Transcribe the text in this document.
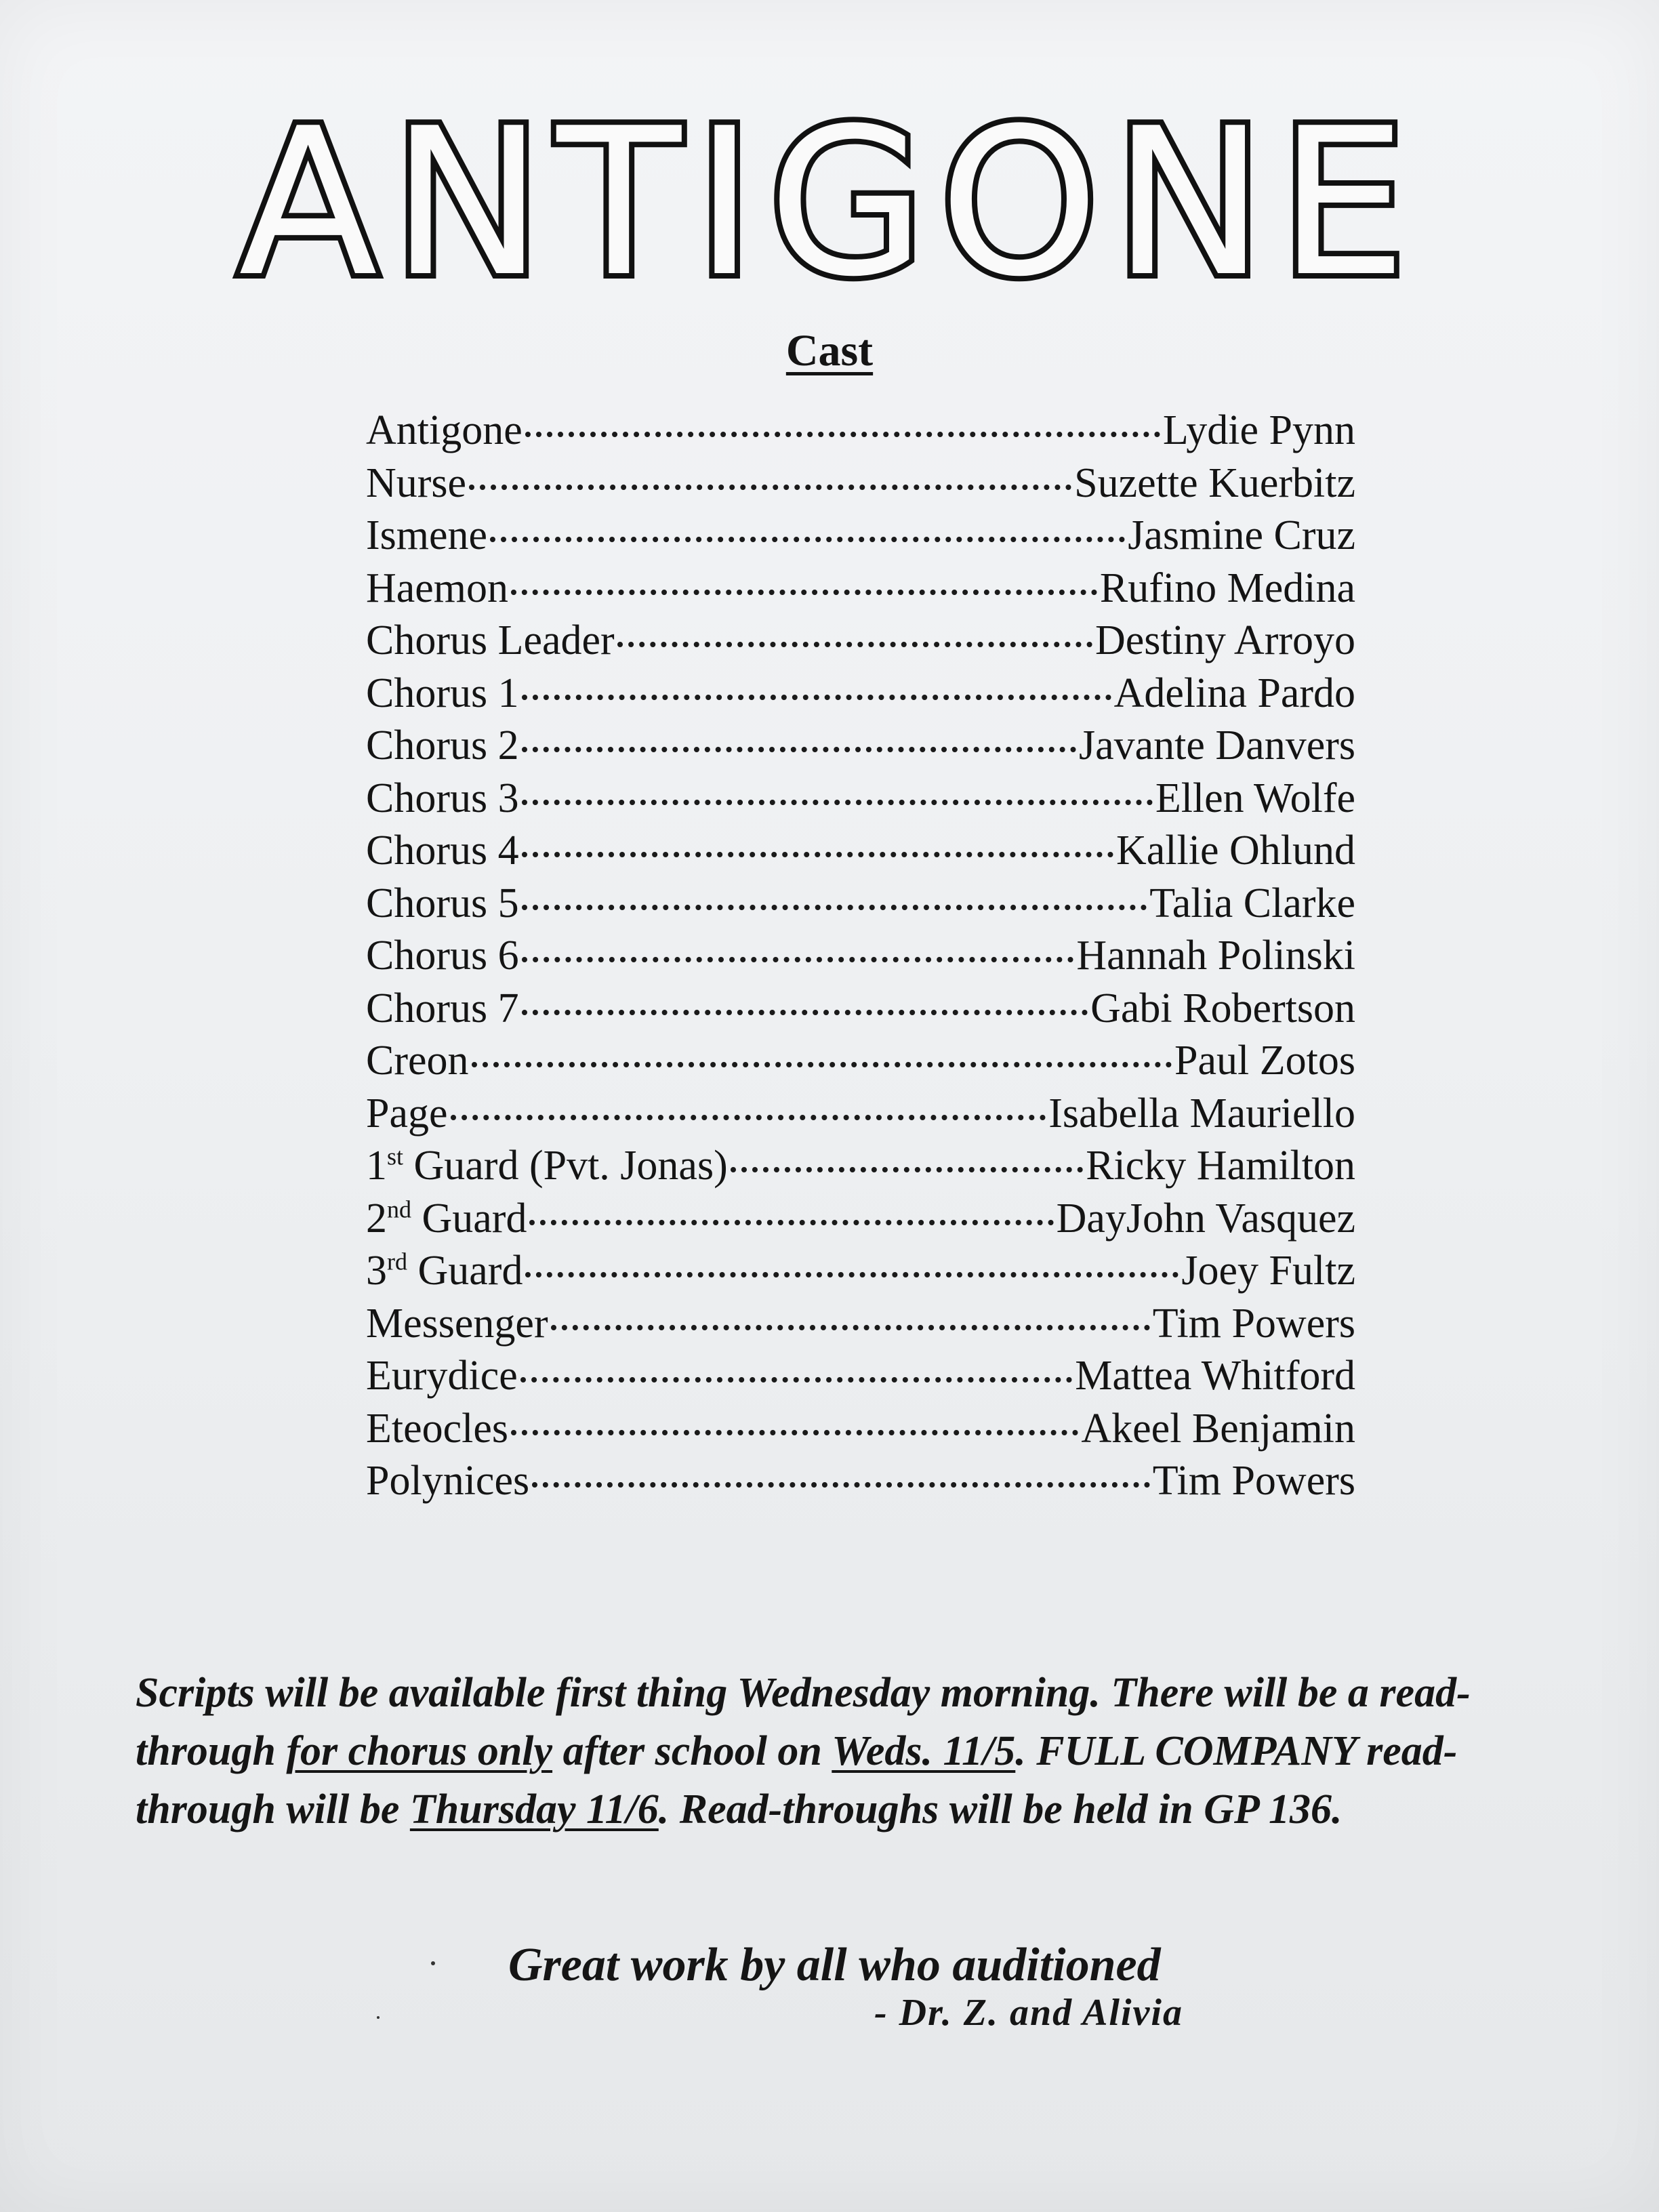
ANTIGONE
Cast
Antigone	Lydie Pynn
Nurse	Suzette Kuerbitz
Ismene	Jasmine Cruz
Haemon	Rufino Medina
Chorus Leader	Destiny Arroyo
Chorus 1	Adelina Pardo
Chorus 2	Javante Danvers
Chorus 3	Ellen Wolfe
Chorus 4	Kallie Ohlund
Chorus 5	Talia Clarke
Chorus 6	Hannah Polinski
Chorus 7	Gabi Robertson
Creon	Paul Zotos
Page	Isabella Mauriello
1st Guard (Pvt. Jonas)	Ricky Hamilton
2nd Guard	DayJohn Vasquez
3rd Guard	Joey Fultz
Messenger	Tim Powers
Eurydice	Mattea Whitford
Eteocles	Akeel Benjamin
Polynices	Tim Powers
Scripts will be available first thing Wednesday morning. There will be a read-through for chorus only after school on Weds. 11/5. FULL COMPANY read-through will be Thursday 11/6. Read-throughs will be held in GP 136.
Great work by all who auditioned
- Dr. Z. and Alivia
